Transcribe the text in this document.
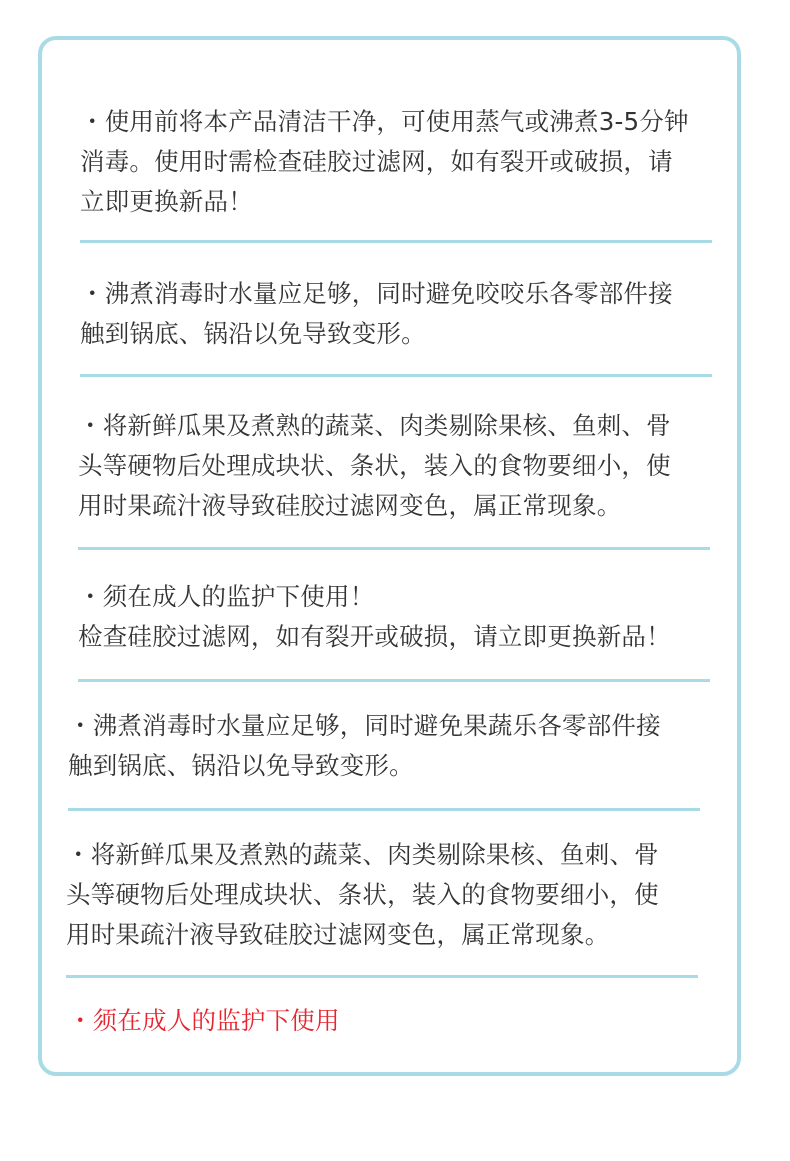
・使用前将本产品清洁干净，可使用蒸气或沸煮3-5分钟
消毒。使用时需检查硅胶过滤网，如有裂开或破损，请
立即更换新品！
・沸煮消毒时水量应足够，同时避免咬咬乐各零部件接
触到锅底、锅沿以免导致变形。
・将新鲜瓜果及煮熟的蔬菜、肉类剔除果核、鱼刺、骨
头等硬物后处理成块状、条状，装入的食物要细小，使
用时果疏汁液导致硅胶过滤网变色，属正常现象。
・须在成人的监护下使用！
检查硅胶过滤网，如有裂开或破损，请立即更换新品！
・沸煮消毒时水量应足够，同时避免果蔬乐各零部件接
触到锅底、锅沿以免导致变形。
・将新鲜瓜果及煮熟的蔬菜、肉类剔除果核、鱼刺、骨
头等硬物后处理成块状、条状，装入的食物要细小，使
用时果疏汁液导致硅胶过滤网变色，属正常现象。
・须在成人的监护下使用
